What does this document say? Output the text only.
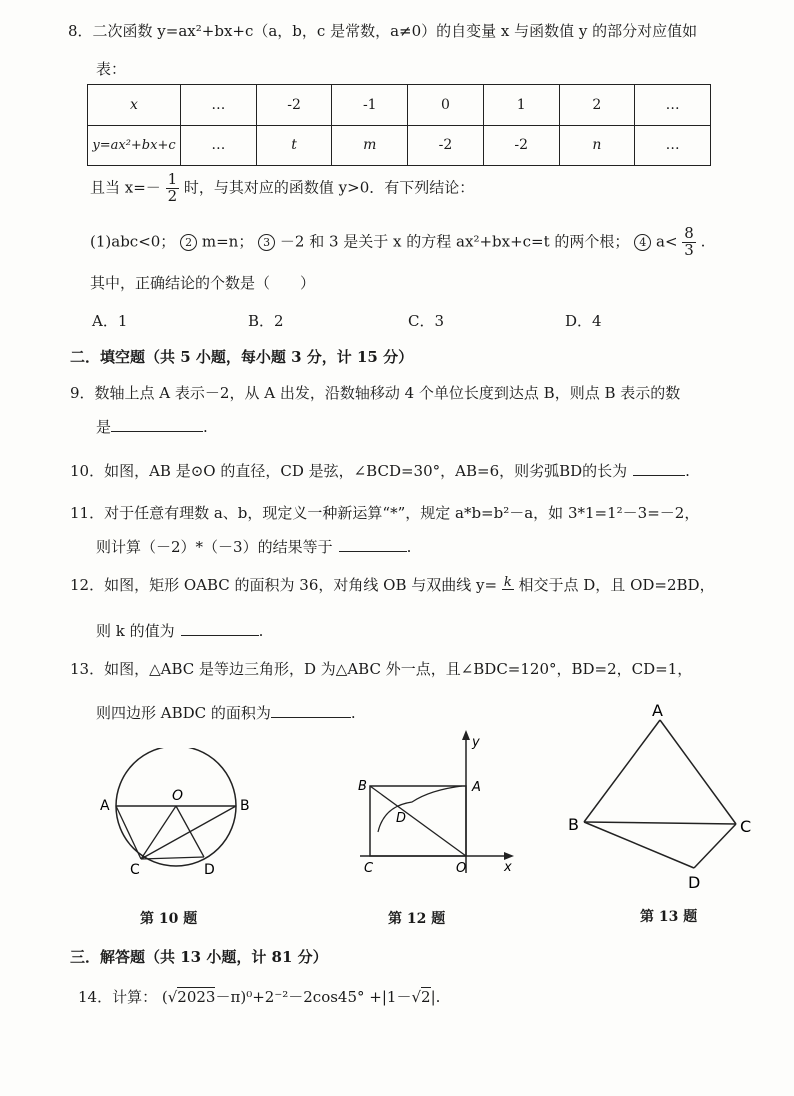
8．二次函数 y=ax²+bx+c（a，b，c 是常数，a≠0）的自变量 x 与函数值 y 的部分对应值如
表：
x	…	-2	-1	0	1	2	…
y=ax²+bx+c	…	t	m	-2	-2	n	…
且当 $x=- \frac{1}{2}$ 时，与其对应的函数值 y>0．有下列结论：
(1)abc<0； 2 m=n； 3 －2 和 3 是关于 x 的方程 ax²+bx+c=t 的两个根； 4 $a< \frac{8}{3}$ .
其中，正确结论的个数是（　　）
A．1	B．2	C．3	D．4
二．填空题（共 5 小题，每小题 3 分，计 15 分）
9．数轴上点 A 表示－2，从 A 出发，沿数轴移动 4 个单位长度到达点 B，则点 B 表示的数
是	.
10．如图，AB 是⊙O 的直径，CD 是弦，∠BCD=30°，AB=6，则劣弧BD的长为	.
11．对于任意有理数 a、b，现定义一种新运算“*”，规定 a*b=b²－a，如 3*1=1²－3=－2，
则计算（－2）*（－3）的结果等于	.
12．如图，矩形 OABC 的面积为 36，对角线 OB 与双曲线 y= k 相交于点 D，且 OD=2BD，
则 k 的值为	.
13．如图，△ABC 是等边三角形，D 为△ABC 外一点，且∠BDC=120°，BD=2，CD=1，
则四边形 ABDC 的面积为	.
A	B
O
C	D
第 10 题
y
x
A
B
C	O
D
第 12 题
A
B	C
D
第 13 题
三．解答题（共 13 小题，计 81 分）
14．计算： (√2023－π)⁰+2⁻²－2cos45° +|1－√2|.
